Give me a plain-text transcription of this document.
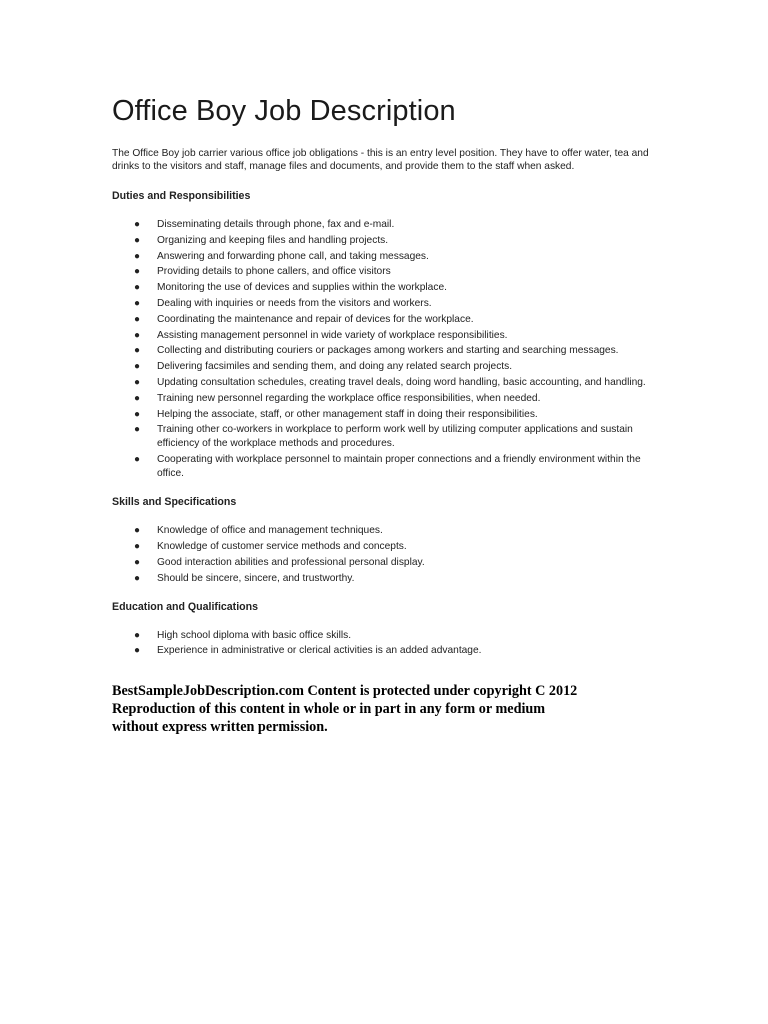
Office Boy Job Description

The Office Boy job carrier various office job obligations - this is an entry level position. They have to offer water, tea and drinks to the visitors and staff, manage files and documents, and provide them to the staff when asked.

Duties and Responsibilities
● Disseminating details through phone, fax and e-mail.
● Organizing and keeping files and handling projects.
● Answering and forwarding phone call, and taking messages.
● Providing details to phone callers, and office visitors
● Monitoring the use of devices and supplies within the workplace.
● Dealing with inquiries or needs from the visitors and workers.
● Coordinating the maintenance and repair of devices for the workplace.
● Assisting management personnel in wide variety of workplace responsibilities.
● Collecting and distributing couriers or packages among workers and starting and searching messages.
● Delivering facsimiles and sending them, and doing any related search projects.
● Updating consultation schedules, creating travel deals, doing word handling, basic accounting, and handling.
● Training new personnel regarding the workplace office responsibilities, when needed.
● Helping the associate, staff, or other management staff in doing their responsibilities.
● Training other co-workers in workplace to perform work well by utilizing computer applications and sustain efficiency of the workplace methods and procedures.
● Cooperating with workplace personnel to maintain proper connections and a friendly environment within the office.
Skills and Specifications
● Knowledge of office and management techniques.
● Knowledge of customer service methods and concepts.
● Good interaction abilities and professional personal display.
● Should be sincere, sincere, and trustworthy.
Education and Qualifications
● High school diploma with basic office skills.
● Experience in administrative or clerical activities is an added advantage.
BestSampleJobDescription.com Content is protected under copyright C 2012
Reproduction of this content in whole or in part in any form or medium
without express written permission.
